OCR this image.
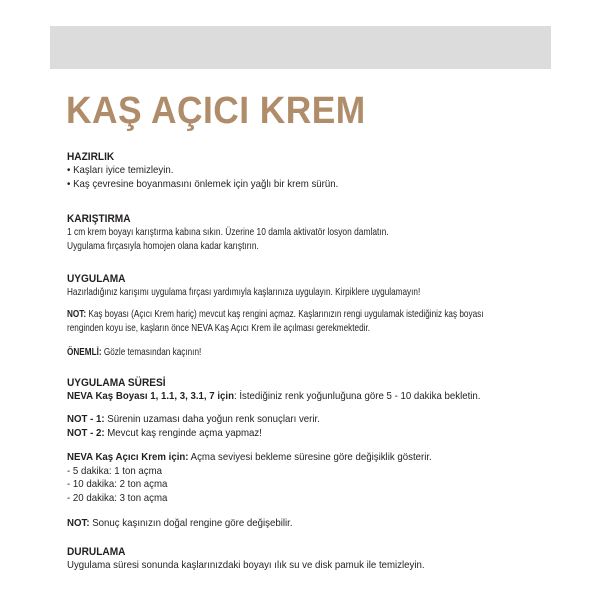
KAŞ AÇICI KREM

HAZIRLIK

• Kaşları iyice temizleyin.

• Kaş çevresine boyanmasını önlemek için yağlı bir krem sürün.

KARIŞTIRMA

1 cm krem boyayı karıştırma kabına sıkın. Üzerine 10 damla aktivatör losyon damlatın.

Uygulama fırçasıyla homojen olana kadar karıştırın.

UYGULAMA

Hazırladığınız karışımı uygulama fırçası yardımıyla kaşlarınıza uygulayın. Kirpiklere uygulamayın!

NOT: Kaş boyası (Açıcı Krem hariç) mevcut kaş rengini açmaz. Kaşlarınızın rengi uygulamak istediğiniz kaş boyası

renginden koyu ise, kaşların önce NEVA Kaş Açıcı Krem ile açılması gerekmektedir.

ÖNEMLİ: Gözle temasından kaçının!

UYGULAMA SÜRESİ

NEVA Kaş Boyası 1, 1.1, 3, 3.1, 7 için: İstediğiniz renk yoğunluğuna göre 5 - 10 dakika bekletin.

NOT - 1: Sürenin uzaması daha yoğun renk sonuçları verir.

NOT - 2: Mevcut kaş renginde açma yapmaz!

NEVA Kaş Açıcı Krem için: Açma seviyesi bekleme süresine göre değişiklik gösterir.

- 5 dakika: 1 ton açma

- 10 dakika: 2 ton açma

- 20 dakika: 3 ton açma

NOT: Sonuç kaşınızın doğal rengine göre değişebilir.

DURULAMA

Uygulama süresi sonunda kaşlarınızdaki boyayı ılık su ve disk pamuk ile temizleyin.
